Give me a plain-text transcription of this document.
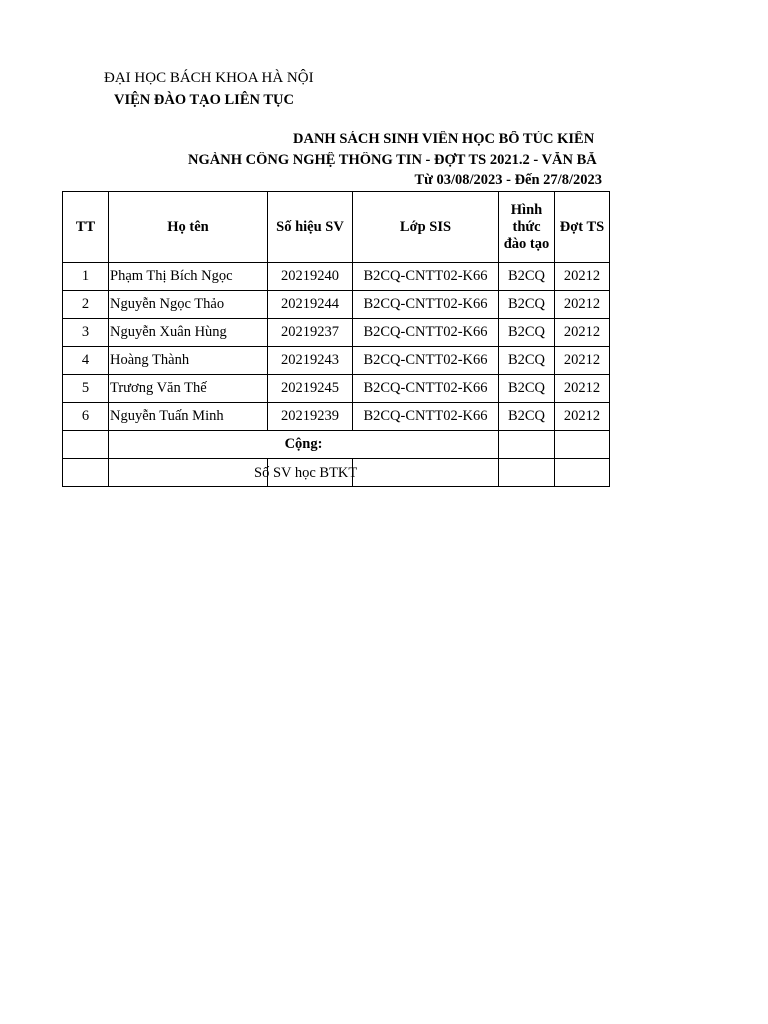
ĐẠI HỌC BÁCH KHOA HÀ NỘI
VIỆN ĐÀO TẠO LIÊN TỤC
DANH SÁCH SINH VIÊN HỌC BỔ TÚC KIẾN
NGÀNH CÔNG NGHỆ THÔNG TIN - ĐỢT TS 2021.2 - VĂN BẰ
Từ 03/08/2023 - Đến 27/8/2023
TT	Họ tên	Số hiệu SV	Lớp SIS	Hình thức đào tạo	Đợt TS
1	Phạm Thị Bích Ngọc	20219240	B2CQ-CNTT02-K66	B2CQ	20212
2	Nguyễn Ngọc Thảo	20219244	B2CQ-CNTT02-K66	B2CQ	20212
3	Nguyễn Xuân Hùng	20219237	B2CQ-CNTT02-K66	B2CQ	20212
4	Hoàng Thành	20219243	B2CQ-CNTT02-K66	B2CQ	20212
5	Trương Văn Thế	20219245	B2CQ-CNTT02-K66	B2CQ	20212
6	Nguyễn Tuấn Minh	20219239	B2CQ-CNTT02-K66	B2CQ	20212
	Cộng:				

	Số SV học BTKT				
